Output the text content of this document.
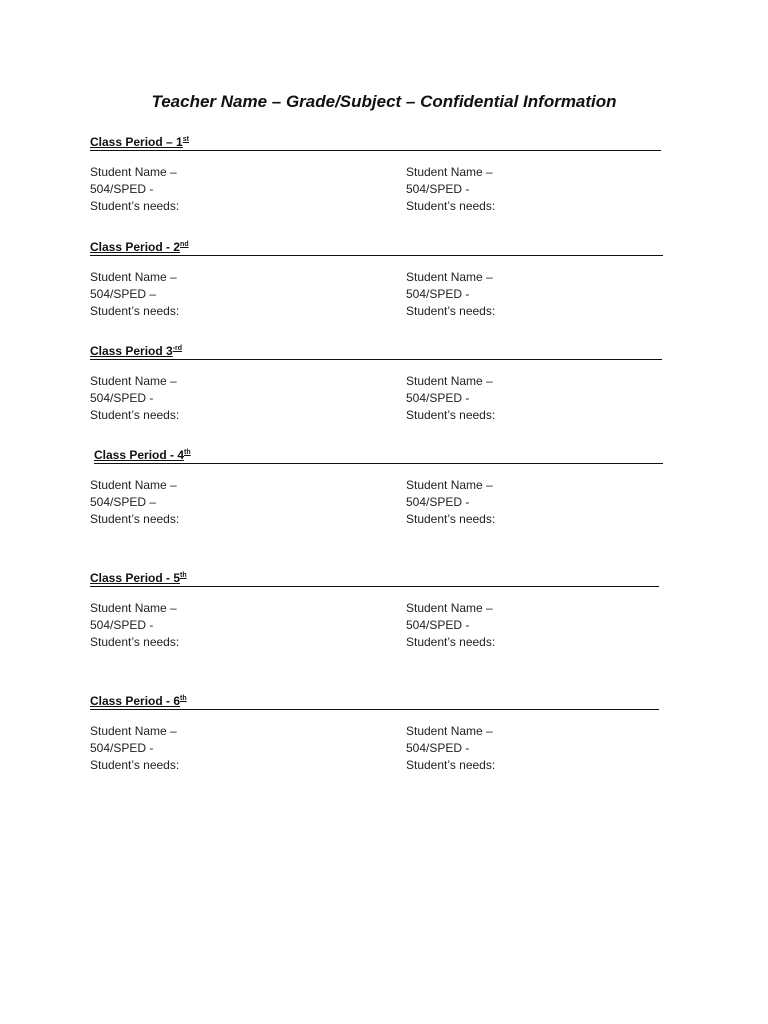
Teacher Name – Grade/Subject – Confidential Information
Class Period – 1st
Student Name –
504/SPED -
Student’s needs:
Student Name –
504/SPED -
Student’s needs:
Class Period - 2nd
Student Name –
504/SPED –
Student’s needs:
Student Name –
504/SPED -
Student’s needs:
Class Period $3^{-rd}$
Student Name –
504/SPED -
Student’s needs:
Student Name –
504/SPED -
Student’s needs:
Class Period - 4th
Student Name –
504/SPED –
Student’s needs:
Student Name –
504/SPED -
Student’s needs:
Class Period - 5th
Student Name –
504/SPED -
Student’s needs:
Student Name –
504/SPED -
Student’s needs:
Class Period - 6th
Student Name –
504/SPED -
Student’s needs:
Student Name –
504/SPED -
Student’s needs:
